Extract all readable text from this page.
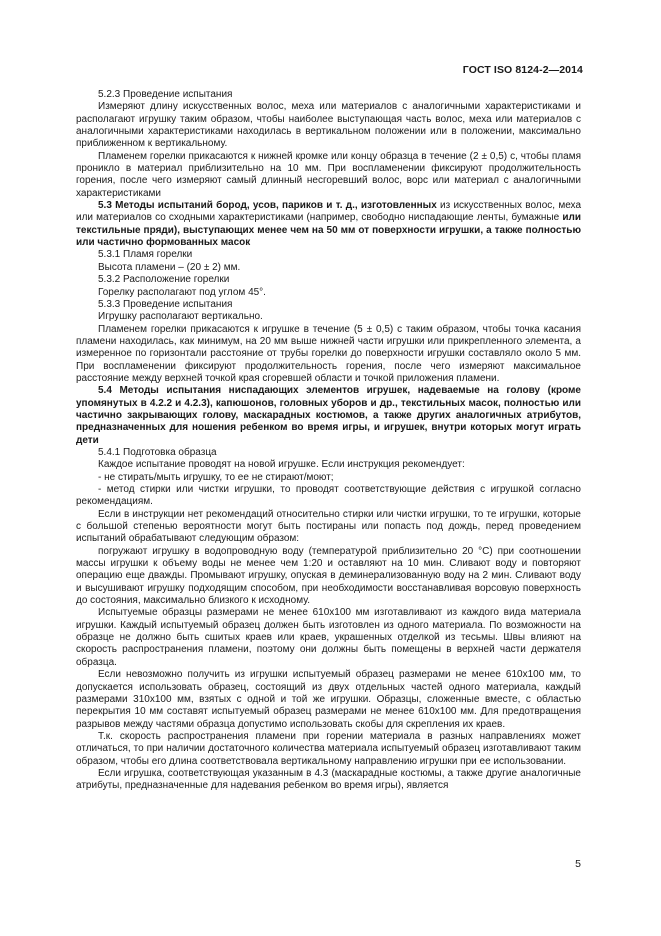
ГОСТ ISO 8124-2—2014

5.2.3 Проведение испытания

Измеряют длину искусственных волос, меха или материалов с аналогичными характеристиками и располагают игрушку таким образом, чтобы наиболее выступающая часть волос, меха или материалов с аналогичными характеристиками находилась в вертикальном положении или в положении, максимально приближенном к вертикальному.

Пламенем горелки прикасаются к нижней кромке или концу образца в течение (2 ± 0,5) с, чтобы пламя проникло в материал приблизительно на 10 мм. При воспламенении фиксируют продолжительность горения, после чего измеряют самый длинный несгоревший волос, ворс или материал с аналогичными характеристиками

5.3 Методы испытаний бород, усов, париков и т. д., изготовленных из искусственных волос, меха или материалов со сходными характеристиками (например, свободно ниспадающие ленты, бумажные или текстильные пряди), выступающих менее чем на 50 мм от поверхности игрушки, а также полностью или частично формованных масок

5.3.1 Пламя горелки

Высота пламени – (20 ± 2) мм.

5.3.2 Расположение горелки

Горелку располагают под углом 45°.

5.3.3 Проведение испытания

Игрушку располагают вертикально.

Пламенем горелки прикасаются к игрушке в течение (5 ± 0,5) с таким образом, чтобы точка касания пламени находилась, как минимум, на 20 мм выше нижней части игрушки или прикрепленного элемента, а измеренное по горизонтали расстояние от трубы горелки до поверхности игрушки составляло около 5 мм. При воспламенении фиксируют продолжительность горения, после чего измеряют максимальное расстояние между верхней точкой края сгоревшей области и точкой приложения пламени.

5.4 Методы испытания ниспадающих элементов игрушек, надеваемые на голову (кроме упомянутых в 4.2.2 и 4.2.3), капюшонов, головных уборов и др., текстильных масок, полностью или частично закрывающих голову, маскарадных костюмов, а также других аналогичных атрибутов, предназначенных для ношения ребенком во время игры, и игрушек, внутри которых могут играть дети

5.4.1 Подготовка образца

Каждое испытание проводят на новой игрушке. Если инструкция рекомендует:

- не стирать/мыть игрушку, то ее не стирают/моют;

- метод стирки или чистки игрушки, то проводят соответствующие действия с игрушкой согласно рекомендациям.

Если в инструкции нет рекомендаций относительно стирки или чистки игрушки, то те игрушки, которые с большой степенью вероятности могут быть постираны или попасть под дождь, перед проведением испытаний обрабатывают следующим образом:

погружают игрушку в водопроводную воду (температурой приблизительно 20 °С) при соотношении массы игрушки к объему воды не менее чем 1:20 и оставляют на 10 мин. Сливают воду и повторяют операцию еще дважды. Промывают игрушку, опуская в деминерализованную воду на 2 мин. Сливают воду и высушивают игрушку подходящим способом, при необходимости восстанавливая ворсовую поверхность до состояния, максимально близкого к исходному.

Испытуемые образцы размерами не менее 610x100 мм изготавливают из каждого вида материала игрушки. Каждый испытуемый образец должен быть изготовлен из одного материала. По возможности на образце не должно быть сшитых краев или краев, украшенных отделкой из тесьмы. Швы влияют на скорость распространения пламени, поэтому они должны быть помещены в верхней части держателя образца.

Если невозможно получить из игрушки испытуемый образец размерами не менее 610x100 мм, то допускается использовать образец, состоящий из двух отдельных частей одного материала, каждый размерами 310x100 мм, взятых с одной и той же игрушки. Образцы, сложенные вместе, с областью перекрытия 10 мм составят испытуемый образец размерами не менее 610x100 мм. Для предотвращения разрывов между частями образца допустимо использовать скобы для скрепления их краев.

Т.к. скорость распространения пламени при горении материала в разных направлениях может отличаться, то при наличии достаточного количества материала испытуемый образец изготавливают таким образом, чтобы его длина соответствовала вертикальному направлению игрушки при ее использовании.

Если игрушка, соответствующая указанным в 4.3 (маскарадные костюмы, а также другие аналогичные атрибуты, предназначенные для надевания ребенком во время игры), является

5
